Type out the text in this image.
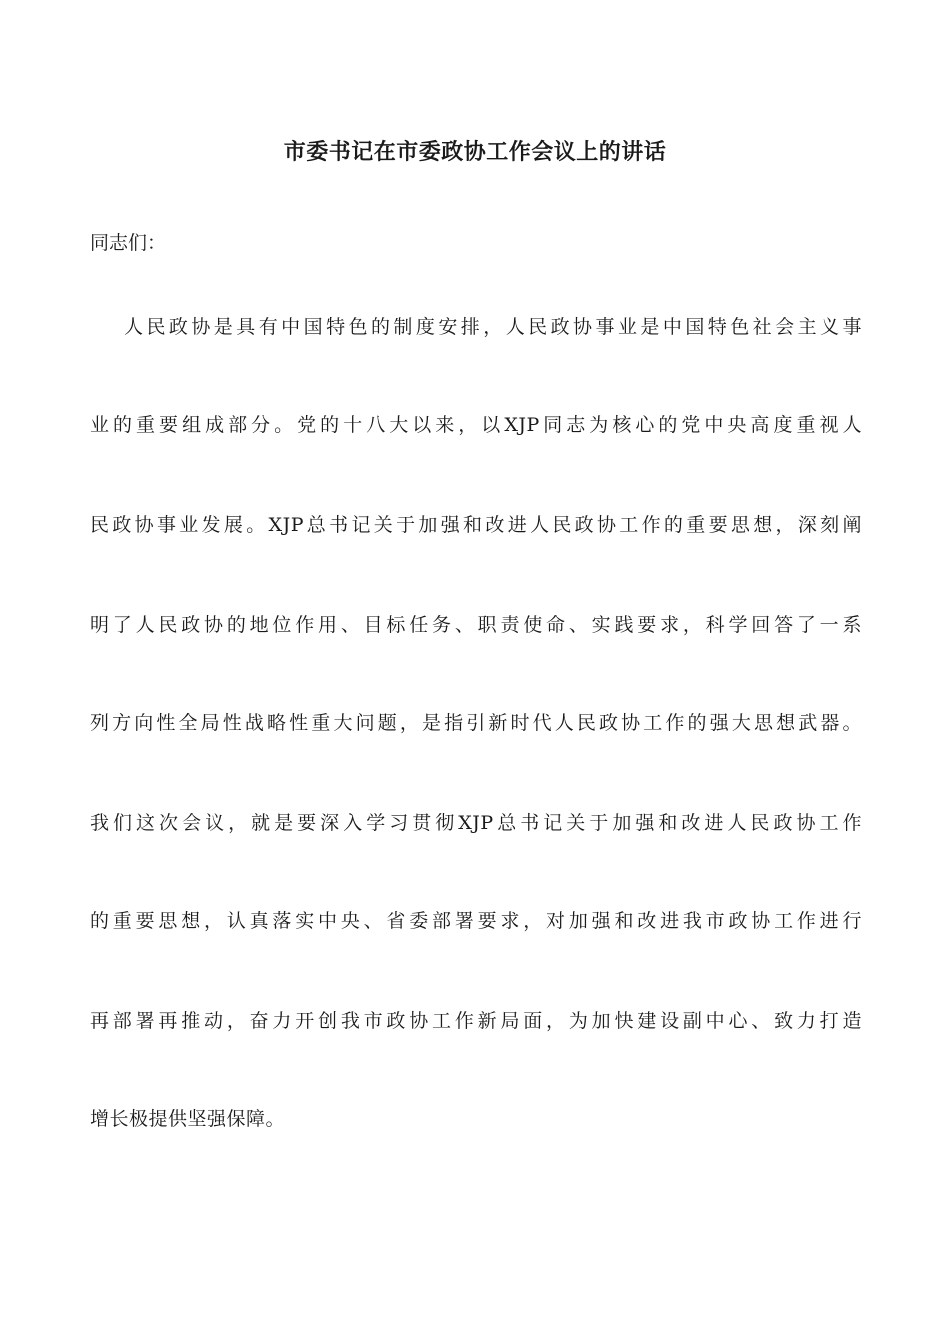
市委书记在市委政协工作会议上的讲话
同志们：
人民政协是具有中国特色的制度安排，人民政协事业是中国特色社会主义事
业的重要组成部分。党的十八大以来，以XJP同志为核心的党中央高度重视人
民政协事业发展。XJP总书记关于加强和改进人民政协工作的重要思想，深刻阐
明了人民政协的地位作用、目标任务、职责使命、实践要求，科学回答了一系
列方向性全局性战略性重大问题，是指引新时代人民政协工作的强大思想武器。
我们这次会议，就是要深入学习贯彻XJP总书记关于加强和改进人民政协工作
的重要思想，认真落实中央、省委部署要求，对加强和改进我市政协工作进行
再部署再推动，奋力开创我市政协工作新局面，为加快建设副中心、致力打造
增长极提供坚强保障。
